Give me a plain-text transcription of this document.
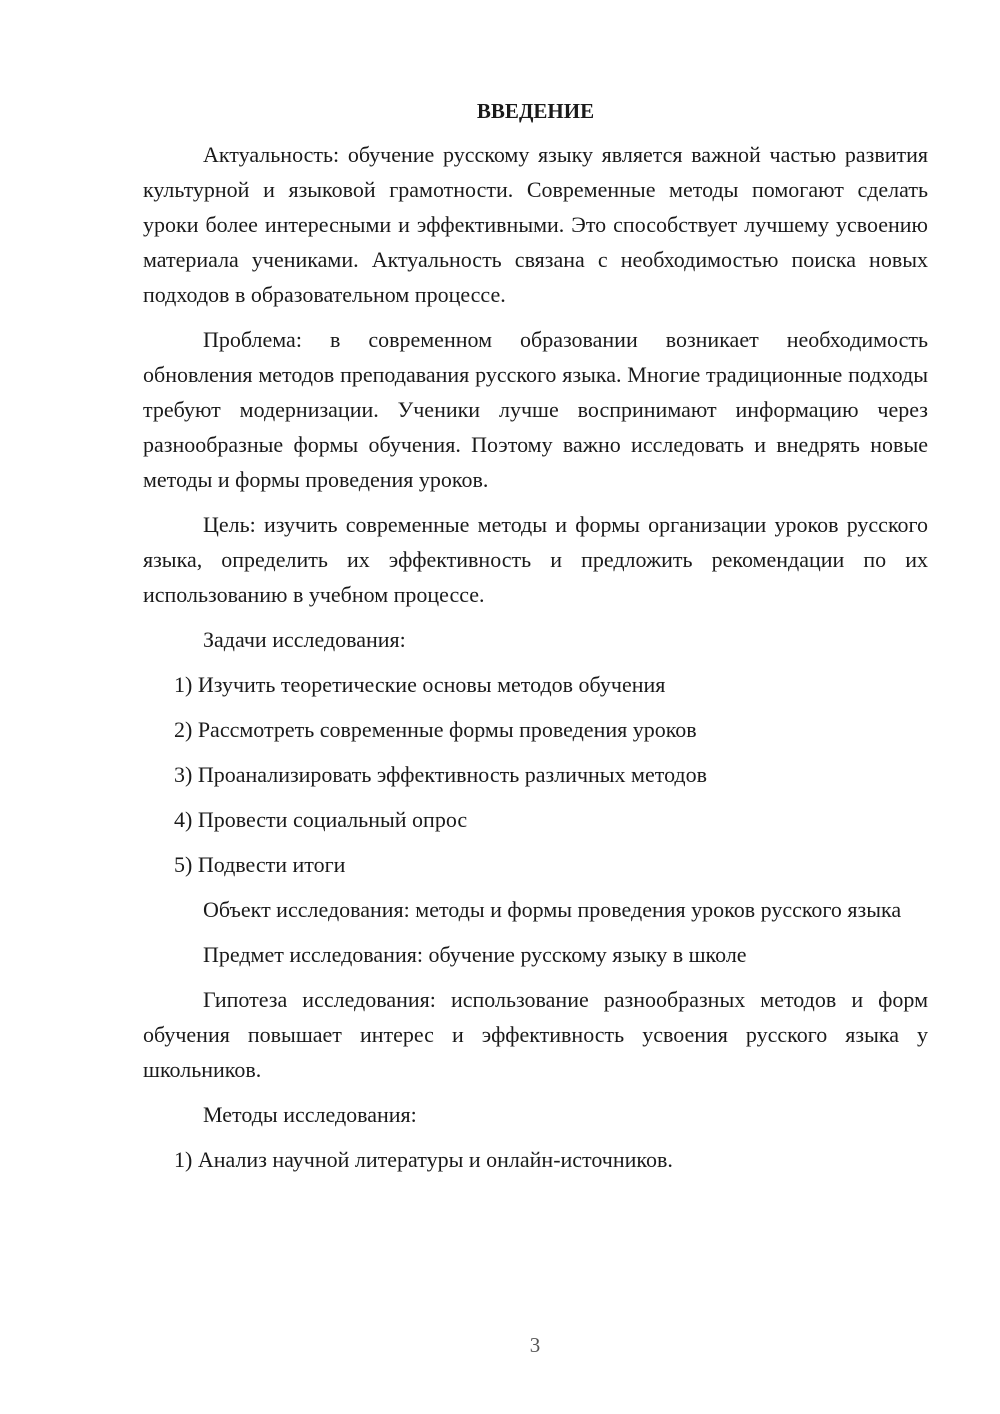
ВВЕДЕНИЕ

Актуальность: обучение русскому языку является важной частью развития культурной и языковой грамотности. Современные методы помогают сделать уроки более интересными и эффективными. Это способствует лучшему усвоению материала учениками. Актуальность связана с необходимостью поиска новых подходов в образовательном процессе.

Проблема: в современном образовании возникает необходимость обновления методов преподавания русского языка. Многие традиционные подходы требуют модернизации. Ученики лучше воспринимают информацию через разнообразные формы обучения. Поэтому важно исследовать и внедрять новые методы и формы проведения уроков.

Цель: изучить современные методы и формы организации уроков русского языка, определить их эффективность и предложить рекомендации по их использованию в учебном процессе.

Задачи исследования:

1) Изучить теоретические основы методов обучения

2) Рассмотреть современные формы проведения уроков

3) Проанализировать эффективность различных методов

4) Провести социальный опрос

5) Подвести итоги

Объект исследования: методы и формы проведения уроков русского языка

Предмет исследования: обучение русскому языку в школе

Гипотеза исследования: использование разнообразных методов и форм обучения повышает интерес и эффективность усвоения русского языка у школьников.

Методы исследования:

1) Анализ научной литературы и онлайн-источников.

3
